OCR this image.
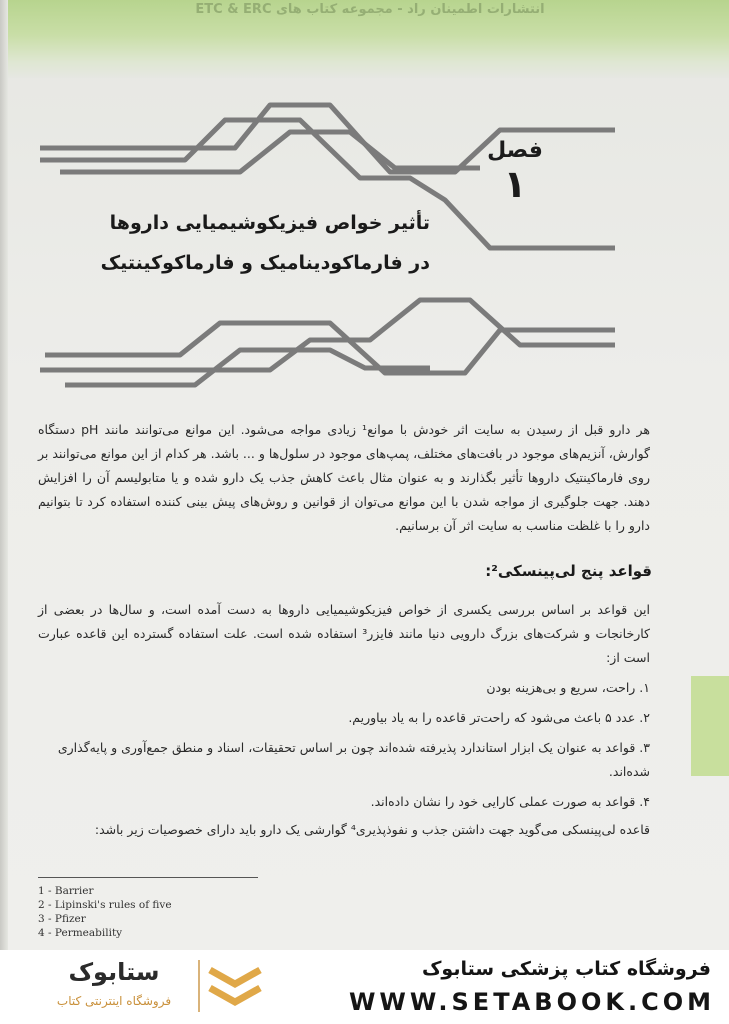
انتشارات اطمینان راد - مجموعه کتاب های ETC & ERC
فصل
۱
تأثیر خواص فیزیکوشیمیایی داروها
در فارماکودینامیک و فارماکوکینتیک
هر دارو قبل از رسیدن به سایت اثر خودش با موانع¹ زیادی مواجه می‌شود. این موانع می‌توانند مانند pH دستگاه گوارش، آنزیم‌های موجود در بافت‌های مختلف، پمپ‌های موجود در سلول‌ها و ... باشد. هر کدام از این موانع می‌توانند بر روی فارماکینتیک داروها تأثیر بگذارند و به عنوان مثال باعث کاهش جذب یک دارو شده و یا متابولیسم آن را افزایش دهند. جهت جلوگیری از مواجه شدن با این موانع می‌توان از قوانین و روش‌های پیش بینی کننده استفاده کرد تا بتوانیم دارو را با غلظت مناسب به سایت اثر آن برسانیم.
قواعد پنج لی‌پینسکی²:
این قواعد بر اساس بررسی یکسری از خواص فیزیکوشیمیایی داروها به دست آمده است، و سال‌ها در بعضی از کارخانجات و شرکت‌های بزرگ دارویی دنیا مانند فایزر³ استفاده شده است. علت استفاده گسترده این قاعده عبارت است از:
۱. راحت، سریع و بی‌هزینه بودن
۲. عدد ۵ باعث می‌شود که راحت‌تر قاعده را به یاد بیاوریم.
۳. قواعد به عنوان یک ابزار استاندارد پذیرفته شده‌اند چون بر اساس تحقیقات، اسناد و منطق جمع‌آوری و پایه‌گذاری شده‌اند.
۴. قواعد به صورت عملی کارایی خود را نشان داده‌اند.
قاعده لی‌پینسکی می‌گوید جهت داشتن جذب و نفوذپذیری⁴ گوارشی یک دارو باید دارای خصوصیات زیر باشد:
1 - Barrier
2 - Lipinski's rules of five
3 - Pfizer
4 - Permeability
ستابوک
فروشگاه اینترنتی کتاب
فروشگاه کتاب پزشکی ستابوک
WWW.SETABOOK.COM
